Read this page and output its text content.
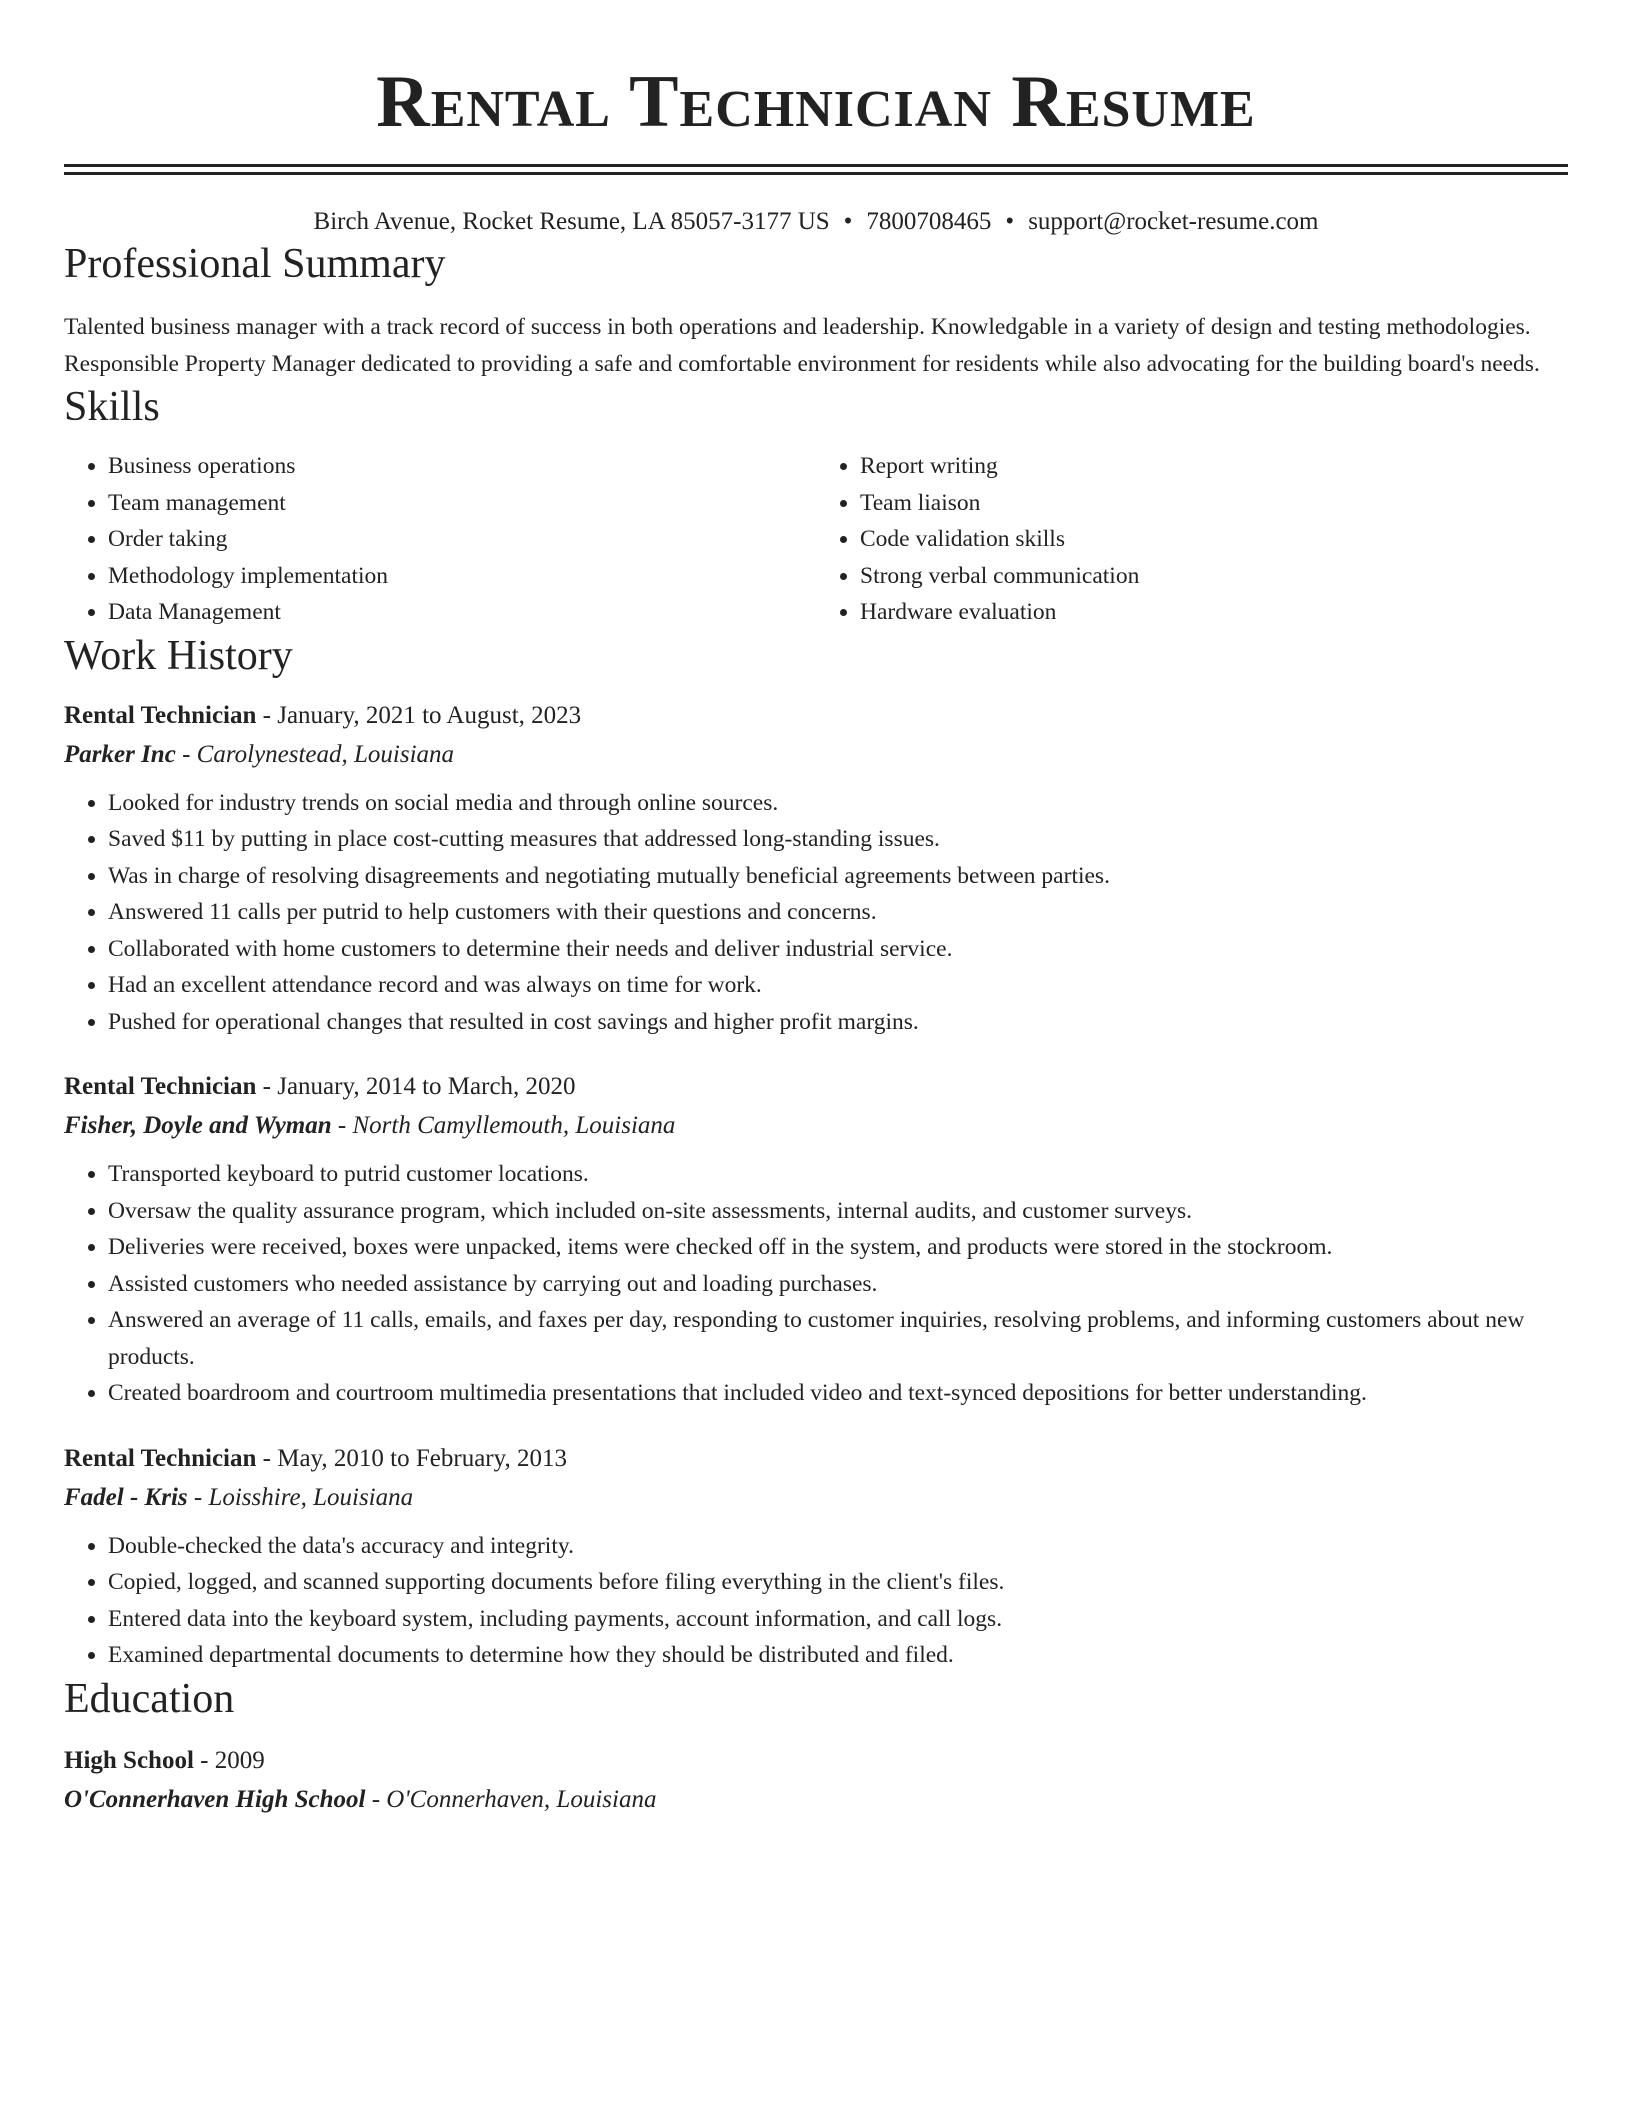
Rental Technician Resume
Birch Avenue, Rocket Resume, LA 85057-3177 US • 7800708465 • support@rocket-resume.com
Professional Summary

Talented business manager with a track record of success in both operations and leadership. Knowledgable in a variety of design and testing methodologies. Responsible Property Manager dedicated to providing a safe and comfortable environment for residents while also advocating for the building board's needs.

Skills
• Business operations
• Team management
• Order taking
• Methodology implementation
• Data Management
• Report writing
• Team liaison
• Code validation skills
• Strong verbal communication
• Hardware evaluation
Work History
Rental Technician - January, 2021 to August, 2023
Parker Inc - Carolynestead, Louisiana
• Looked for industry trends on social media and through online sources.
• Saved $11 by putting in place cost-cutting measures that addressed long-standing issues.
• Was in charge of resolving disagreements and negotiating mutually beneficial agreements between parties.
• Answered 11 calls per putrid to help customers with their questions and concerns.
• Collaborated with home customers to determine their needs and deliver industrial service.
• Had an excellent attendance record and was always on time for work.
• Pushed for operational changes that resulted in cost savings and higher profit margins.
Rental Technician - January, 2014 to March, 2020
Fisher, Doyle and Wyman - North Camyllemouth, Louisiana
• Transported keyboard to putrid customer locations.
• Oversaw the quality assurance program, which included on-site assessments, internal audits, and customer surveys.
• Deliveries were received, boxes were unpacked, items were checked off in the system, and products were stored in the stockroom.
• Assisted customers who needed assistance by carrying out and loading purchases.
• Answered an average of 11 calls, emails, and faxes per day, responding to customer inquiries, resolving problems, and informing customers about new products.
• Created boardroom and courtroom multimedia presentations that included video and text-synced depositions for better understanding.
Rental Technician - May, 2010 to February, 2013
Fadel - Kris - Loisshire, Louisiana
• Double-checked the data's accuracy and integrity.
• Copied, logged, and scanned supporting documents before filing everything in the client's files.
• Entered data into the keyboard system, including payments, account information, and call logs.
• Examined departmental documents to determine how they should be distributed and filed.
Education
High School - 2009
O'Connerhaven High School - O'Connerhaven, Louisiana
